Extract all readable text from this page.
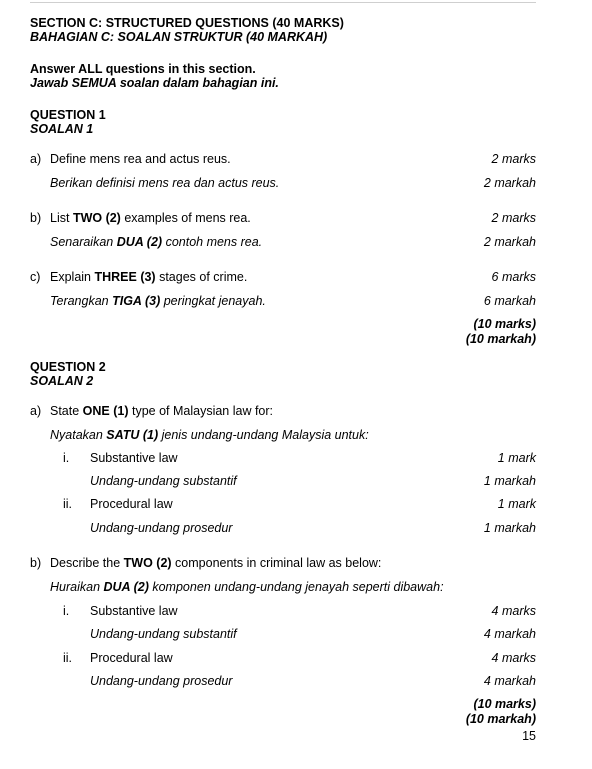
SECTION C: STRUCTURED QUESTIONS (40 MARKS)
BAHAGIAN C: SOALAN STRUKTUR (40 MARKAH)
Answer ALL questions in this section.
Jawab SEMUA soalan dalam bahagian ini.
QUESTION 1
SOALAN 1
a) Define mens rea and actus reus.	2 marks
Berikan definisi mens rea dan actus reus.	2 markah
b) List TWO (2) examples of mens rea.	2 marks
Senaraikan DUA (2) contoh mens rea.	2 markah
c) Explain THREE (3) stages of crime.	6 marks
Terangkan TIGA (3) peringkat jenayah.	6 markah
(10 marks)
(10 markah)
QUESTION 2
SOALAN 2
a) State ONE (1) type of Malaysian law for:
Nyatakan SATU (1) jenis undang-undang Malaysia untuk:
i. Substantive law	1 mark
Undang-undang substantif	1 markah
ii. Procedural law	1 mark
Undang-undang prosedur	1 markah
b) Describe the TWO (2) components in criminal law as below:
Huraikan DUA (2) komponen undang-undang jenayah seperti dibawah:
i. Substantive law	4 marks
Undang-undang substantif	4 markah
ii. Procedural law	4 marks
Undang-undang prosedur	4 markah
(10 marks)
(10 markah)
15
